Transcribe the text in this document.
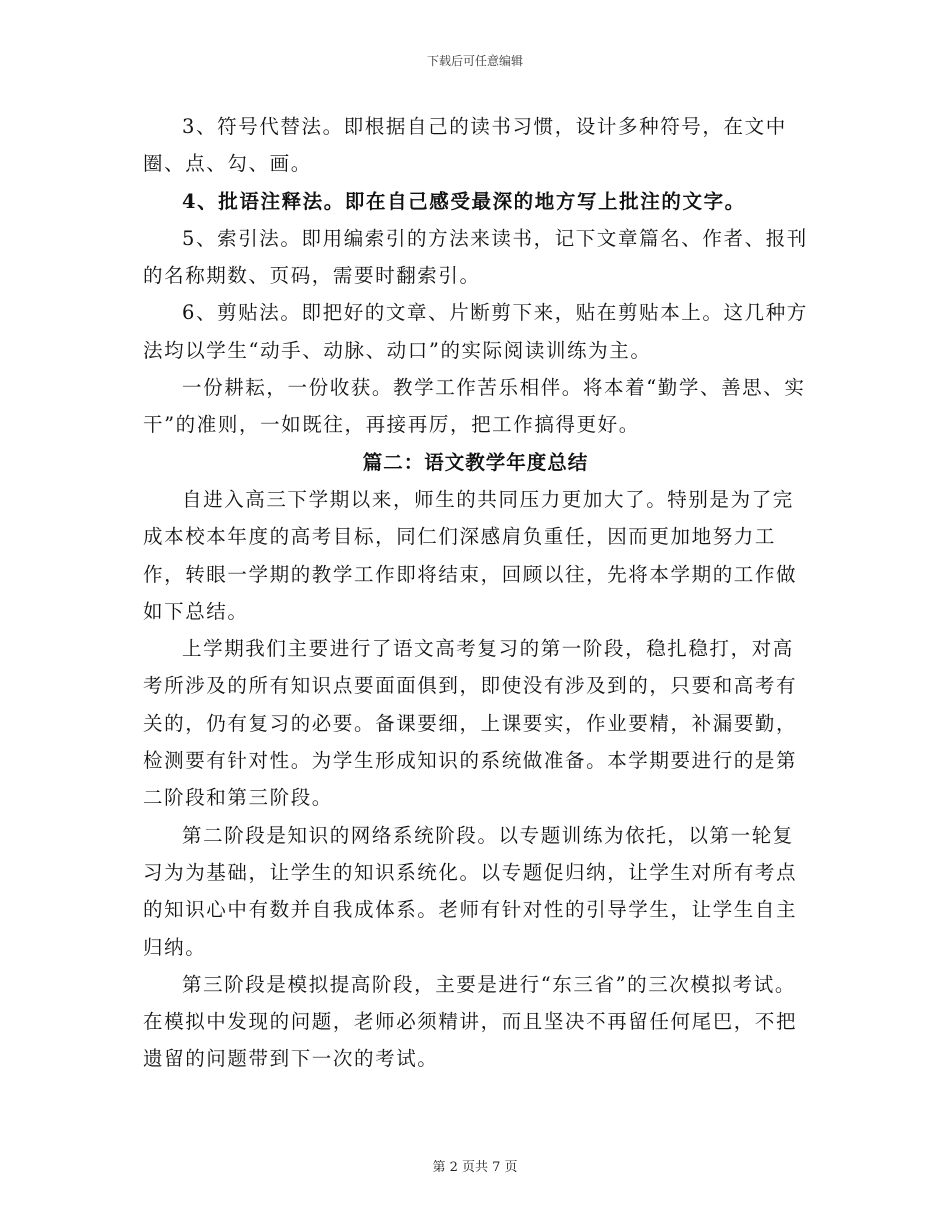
下载后可任意编辑

3、符号代替法。即根据自己的读书习惯，设计多种符号，在文中圈、点、勾、画。

4、批语注释法。即在自己感受最深的地方写上批注的文字。

5、索引法。即用编索引的方法来读书，记下文章篇名、作者、报刊的名称期数、页码，需要时翻索引。

6、剪贴法。即把好的文章、片断剪下来，贴在剪贴本上。这几种方法均以学生“动手、动脉、动口”的实际阅读训练为主。

一份耕耘，一份收获。教学工作苦乐相伴。将本着“勤学、善思、实干”的准则，一如既往，再接再厉，把工作搞得更好。

篇二：语文教学年度总结

自进入高三下学期以来，师生的共同压力更加大了。特别是为了完成本校本年度的高考目标，同仁们深感肩负重任，因而更加地努力工作，转眼一学期的教学工作即将结束，回顾以往，先将本学期的工作做如下总结。

上学期我们主要进行了语文高考复习的第一阶段，稳扎稳打，对高考所涉及的所有知识点要面面俱到，即使没有涉及到的，只要和高考有关的，仍有复习的必要。备课要细，上课要实，作业要精，补漏要勤，检测要有针对性。为学生形成知识的系统做准备。本学期要进行的是第二阶段和第三阶段。

第二阶段是知识的网络系统阶段。以专题训练为依托，以第一轮复习为为基础，让学生的知识系统化。以专题促归纳，让学生对所有考点的知识心中有数并自我成体系。老师有针对性的引导学生，让学生自主归纳。

第三阶段是模拟提高阶段，主要是进行“东三省”的三次模拟考试。在模拟中发现的问题，老师必须精讲，而且坚决不再留任何尾巴，不把遗留的问题带到下一次的考试。

第 2 页共 7 页
